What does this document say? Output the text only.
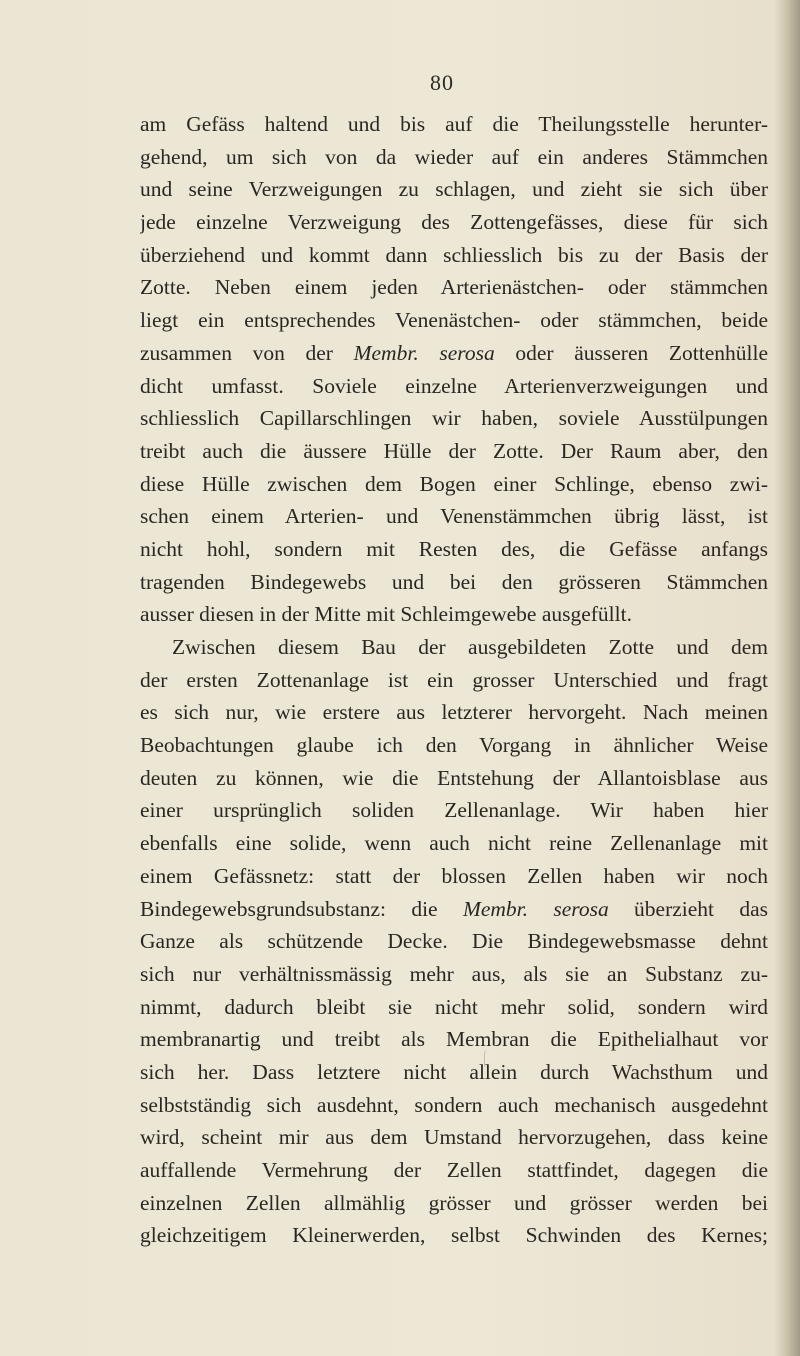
80
am Gefäss haltend und bis auf die Theilungsstelle herunter-
gehend, um sich von da wieder auf ein anderes Stämmchen
und seine Verzweigungen zu schlagen, und zieht sie sich über
jede einzelne Verzweigung des Zottengefässes, diese für sich
überziehend und kommt dann schliesslich bis zu der Basis der
Zotte. Neben einem jeden Arterienästchen- oder stämmchen
liegt ein entsprechendes Venenästchen- oder stämmchen, beide
zusammen von der Membr. serosa oder äusseren Zottenhülle
dicht umfasst. Soviele einzelne Arterienverzweigungen und
schliesslich Capillarschlingen wir haben, soviele Ausstülpungen
treibt auch die äussere Hülle der Zotte. Der Raum aber, den
diese Hülle zwischen dem Bogen einer Schlinge, ebenso zwi-
schen einem Arterien- und Venenstämmchen übrig lässt, ist
nicht hohl, sondern mit Resten des, die Gefässe anfangs
tragenden Bindegewebs und bei den grösseren Stämmchen
ausser diesen in der Mitte mit Schleimgewebe ausgefüllt.
Zwischen diesem Bau der ausgebildeten Zotte und dem
der ersten Zottenanlage ist ein grosser Unterschied und fragt
es sich nur, wie erstere aus letzterer hervorgeht. Nach meinen
Beobachtungen glaube ich den Vorgang in ähnlicher Weise
deuten zu können, wie die Entstehung der Allantoisblase aus
einer ursprünglich soliden Zellenanlage. Wir haben hier
ebenfalls eine solide, wenn auch nicht reine Zellenanlage mit
einem Gefässnetz: statt der blossen Zellen haben wir noch
Bindegewebsgrundsubstanz: die Membr. serosa überzieht das
Ganze als schützende Decke. Die Bindegewebsmasse dehnt
sich nur verhältnissmässig mehr aus, als sie an Substanz zu-
nimmt, dadurch bleibt sie nicht mehr solid, sondern wird
membranartig und treibt als Membran die Epithelialhaut vor
sich her. Dass letztere nicht allein durch Wachsthum und
selbstständig sich ausdehnt, sondern auch mechanisch ausgedehnt
wird, scheint mir aus dem Umstand hervorzugehen, dass keine
auffallende Vermehrung der Zellen stattfindet, dagegen die
einzelnen Zellen allmählig grösser und grösser werden bei
gleichzeitigem Kleinerwerden, selbst Schwinden des Kernes;
